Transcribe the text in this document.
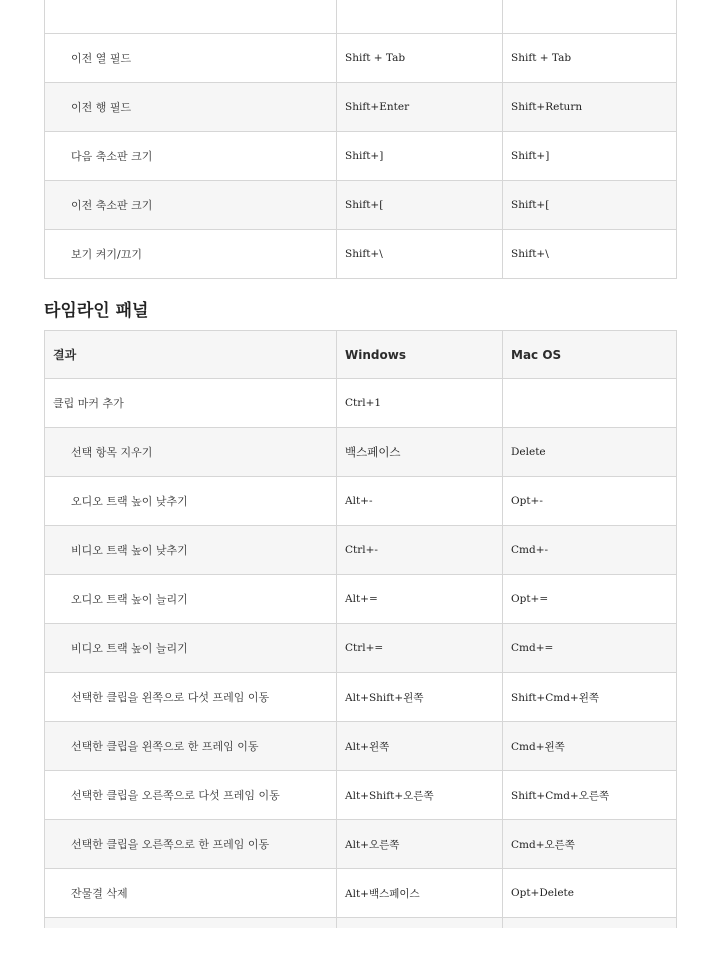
이전 열 필드	Shift + Tab	Shift + Tab
이전 행 필드	Shift+Enter	Shift+Return
다음 축소판 크기	Shift+]	Shift+]
이전 축소판 크기	Shift+[	Shift+[
보기 켜기/끄기	Shift+\	Shift+\
타임라인 패널
결과	Windows	Mac OS
클립 마커 추가	Ctrl+1	
선택 항목 지우기	백스페이스	Delete
오디오 트랙 높이 낮추기	Alt+-	Opt+-
비디오 트랙 높이 낮추기	Ctrl+-	Cmd+-
오디오 트랙 높이 늘리기	Alt+=	Opt+=
비디오 트랙 높이 늘리기	Ctrl+=	Cmd+=
선택한 클립을 왼쪽으로 다섯 프레임 이동	Alt+Shift+왼쪽	Shift+Cmd+왼쪽
선택한 클립을 왼쪽으로 한 프레임 이동	Alt+왼쪽	Cmd+왼쪽
선택한 클립을 오른쪽으로 다섯 프레임 이동	Alt+Shift+오른쪽	Shift+Cmd+오른쪽
선택한 클립을 오른쪽으로 한 프레임 이동	Alt+오른쪽	Cmd+오른쪽
잔물결 삭제	Alt+백스페이스	Opt+Delete
